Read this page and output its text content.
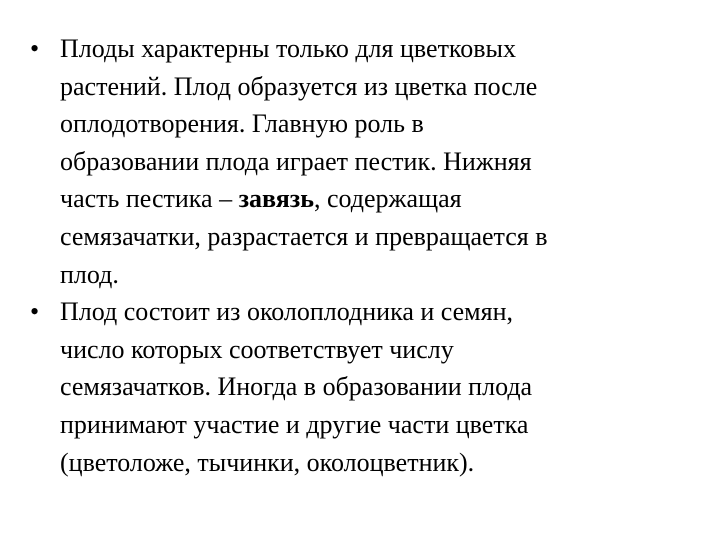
• Плоды характерны только для цветковых
растений. Плод образуется из цветка после
оплодотворения. Главную роль в
образовании плода играет пестик. Нижняя
часть пестика – завязь, содержащая
семязачатки, разрастается и превращается в
плод.
• Плод состоит из околоплодника и семян,
число которых соответствует числу
семязачатков. Иногда в образовании плода
принимают участие и другие части цветка
(цветоложе, тычинки, околоцветник).
